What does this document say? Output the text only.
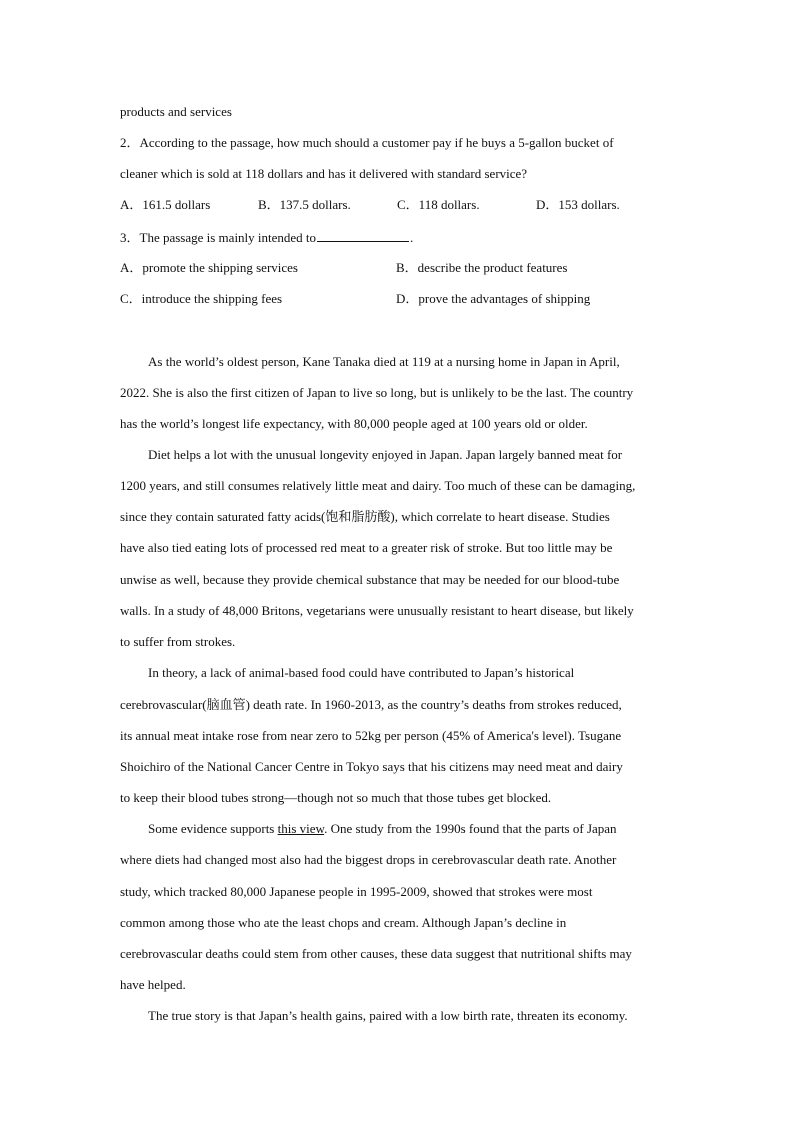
products and services
2．According to the passage, how much should a customer pay if he buys a 5-gallon bucket of
cleaner which is sold at 118 dollars and has it delivered with standard service?
A．161.5 dollars	B．137.5 dollars.	C．118 dollars.	D．153 dollars.
3．The passage is mainly intended to	.
A．promote the shipping services	B．describe the product features
C．introduce the shipping fees	D．prove the advantages of shipping
As the world’s oldest person, Kane Tanaka died at 119 at a nursing home in Japan in April,
2022. She is also the first citizen of Japan to live so long, but is unlikely to be the last. The country
has the world’s longest life expectancy, with 80,000 people aged at 100 years old or older.
Diet helps a lot with the unusual longevity enjoyed in Japan. Japan largely banned meat for
1200 years, and still consumes relatively little meat and dairy. Too much of these can be damaging,
since they contain saturated fatty acids(饱和脂肪酸), which correlate to heart disease. Studies
have also tied eating lots of processed red meat to a greater risk of stroke. But too little may be
unwise as well, because they provide chemical substance that may be needed for our blood-tube
walls. In a study of 48,000 Britons, vegetarians were unusually resistant to heart disease, but likely
to suffer from strokes.
In theory, a lack of animal-based food could have contributed to Japan’s historical
cerebrovascular(脑血管) death rate. In 1960-2013, as the country’s deaths from strokes reduced,
its annual meat intake rose from near zero to 52kg per person (45% of America's level). Tsugane
Shoichiro of the National Cancer Centre in Tokyo says that his citizens may need meat and dairy
to keep their blood tubes strong—though not so much that those tubes get blocked.
Some evidence supports this view. One study from the 1990s found that the parts of Japan
where diets had changed most also had the biggest drops in cerebrovascular death rate. Another
study, which tracked 80,000 Japanese people in 1995-2009, showed that strokes were most
common among those who ate the least chops and cream. Although Japan’s decline in
cerebrovascular deaths could stem from other causes, these data suggest that nutritional shifts may
have helped.
The true story is that Japan’s health gains, paired with a low birth rate, threaten its economy.
